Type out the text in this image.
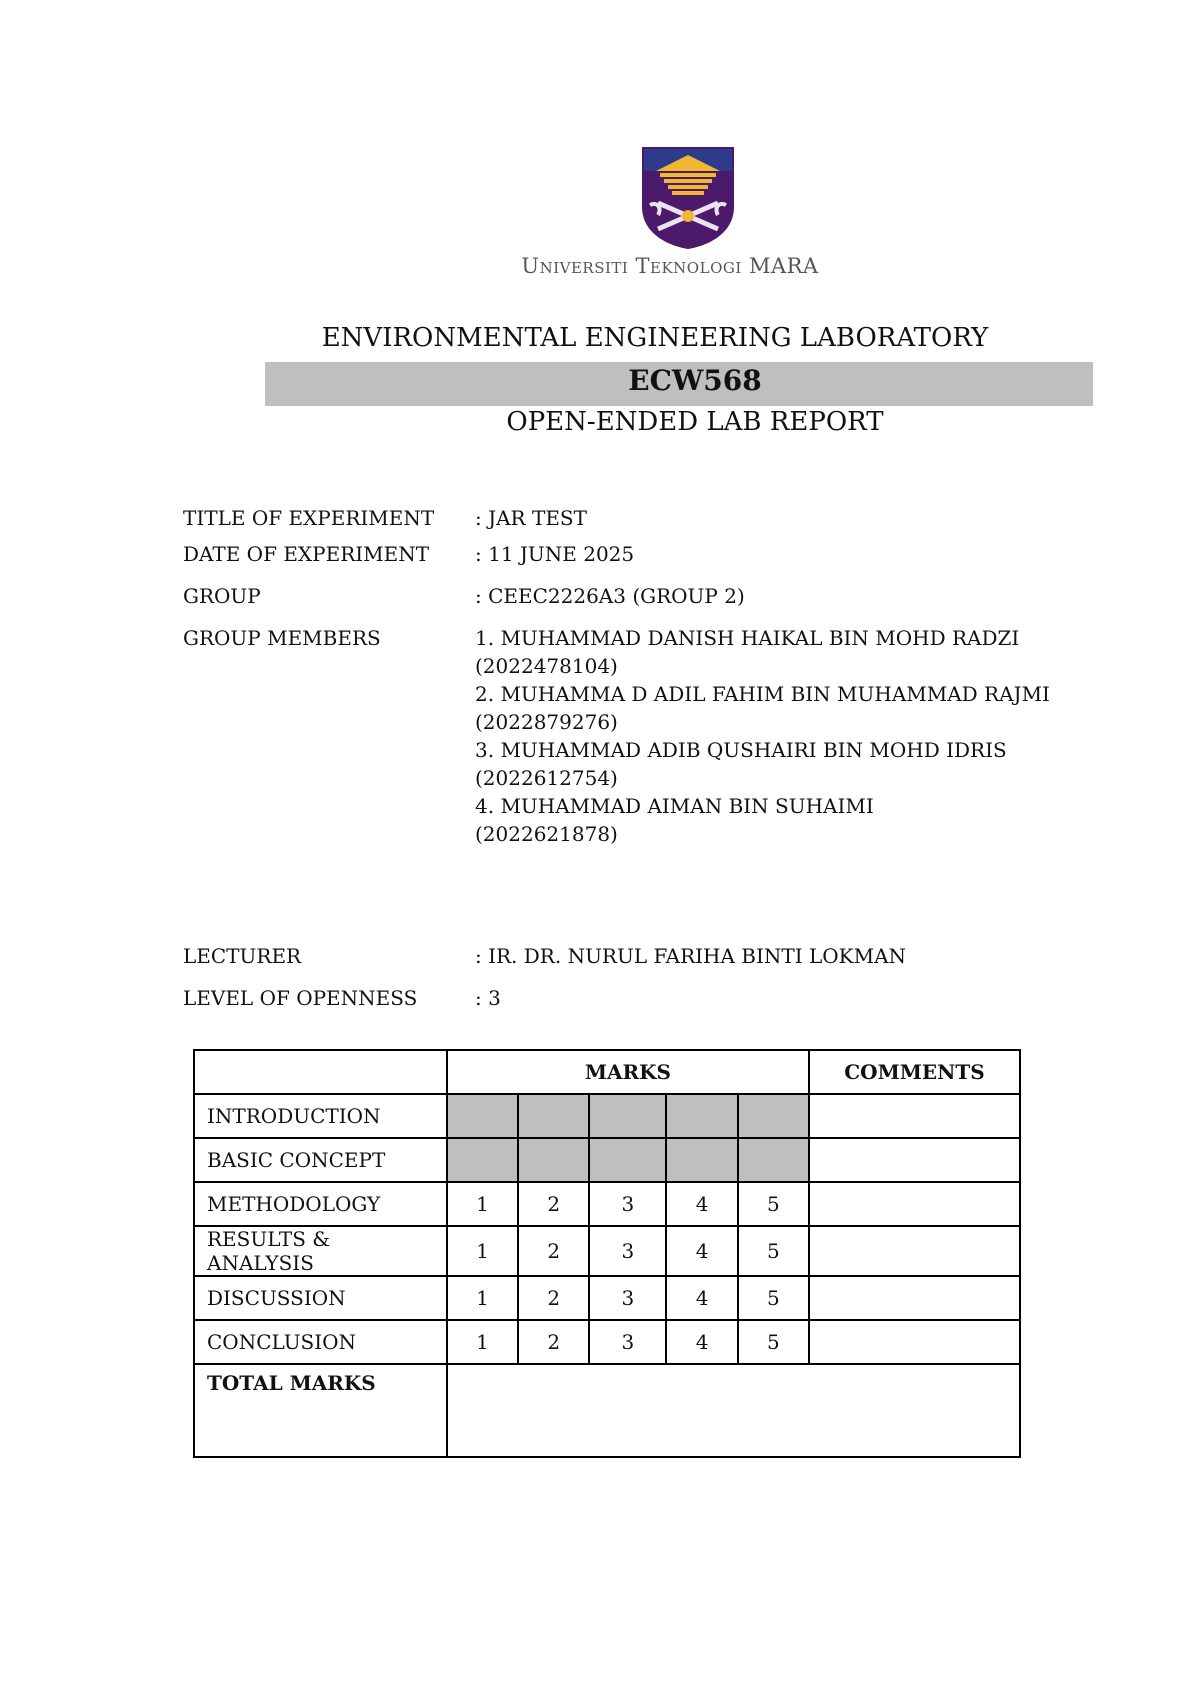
Universiti Teknologi MARA
ENVIRONMENTAL ENGINEERING LABORATORY
ECW568
OPEN-ENDED LAB REPORT
TITLE OF EXPERIMENT	: JAR TEST
DATE OF EXPERIMENT	: 11 JUNE 2025
GROUP	: CEEC2226A3 (GROUP 2)
GROUP MEMBERS	1. MUHAMMAD DANISH HAIKAL BIN MOHD RADZI
(2022478104)
2. MUHAMMA D ADIL FAHIM BIN MUHAMMAD RAJMI
(2022879276)
3. MUHAMMAD ADIB QUSHAIRI BIN MOHD IDRIS
(2022612754)
4. MUHAMMAD AIMAN BIN SUHAIMI
(2022621878)
LECTURER	: IR. DR. NURUL FARIHA BINTI LOKMAN
LEVEL OF OPENNESS	: 3
	MARKS					COMMENTS
INTRODUCTION						
BASIC CONCEPT						
METHODOLOGY	1	2	3	4	5	
RESULTS & ANALYSIS	1	2	3	4	5	
DISCUSSION	1	2	3	4	5	
CONCLUSION	1	2	3	4	5	
TOTAL MARKS						
